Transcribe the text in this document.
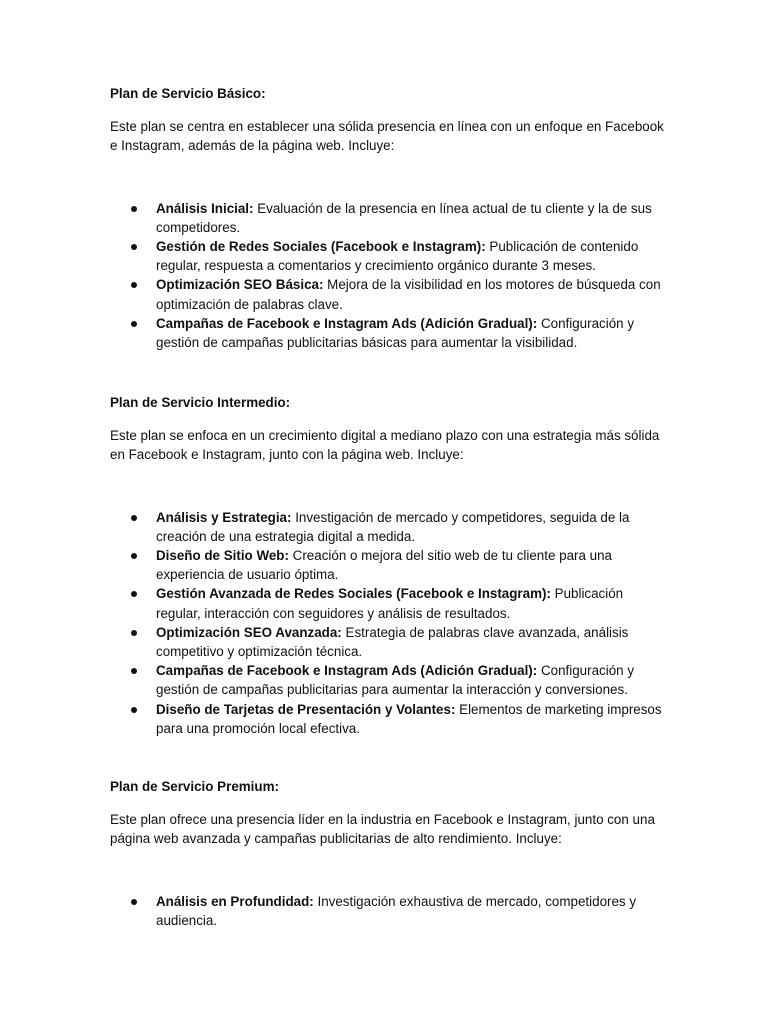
Plan de Servicio Básico:

Este plan se centra en establecer una sólida presencia en línea con un enfoque en Facebook e Instagram, además de la página web. Incluye:

Análisis Inicial: Evaluación de la presencia en línea actual de tu cliente y la de sus competidores.
Gestión de Redes Sociales (Facebook e Instagram): Publicación de contenido regular, respuesta a comentarios y crecimiento orgánico durante 3 meses.
Optimización SEO Básica: Mejora de la visibilidad en los motores de búsqueda con optimización de palabras clave.
Campañas de Facebook e Instagram Ads (Adición Gradual): Configuración y gestión de campañas publicitarias básicas para aumentar la visibilidad.

Plan de Servicio Intermedio:

Este plan se enfoca en un crecimiento digital a mediano plazo con una estrategia más sólida en Facebook e Instagram, junto con la página web. Incluye:

Análisis y Estrategia: Investigación de mercado y competidores, seguida de la creación de una estrategia digital a medida.
Diseño de Sitio Web: Creación o mejora del sitio web de tu cliente para una experiencia de usuario óptima.
Gestión Avanzada de Redes Sociales (Facebook e Instagram): Publicación regular, interacción con seguidores y análisis de resultados.
Optimización SEO Avanzada: Estrategia de palabras clave avanzada, análisis competitivo y optimización técnica.
Campañas de Facebook e Instagram Ads (Adición Gradual): Configuración y gestión de campañas publicitarias para aumentar la interacción y conversiones.
Diseño de Tarjetas de Presentación y Volantes: Elementos de marketing impresos para una promoción local efectiva.

Plan de Servicio Premium:

Este plan ofrece una presencia líder en la industria en Facebook e Instagram, junto con una página web avanzada y campañas publicitarias de alto rendimiento. Incluye:

Análisis en Profundidad: Investigación exhaustiva de mercado, competidores y audiencia.
